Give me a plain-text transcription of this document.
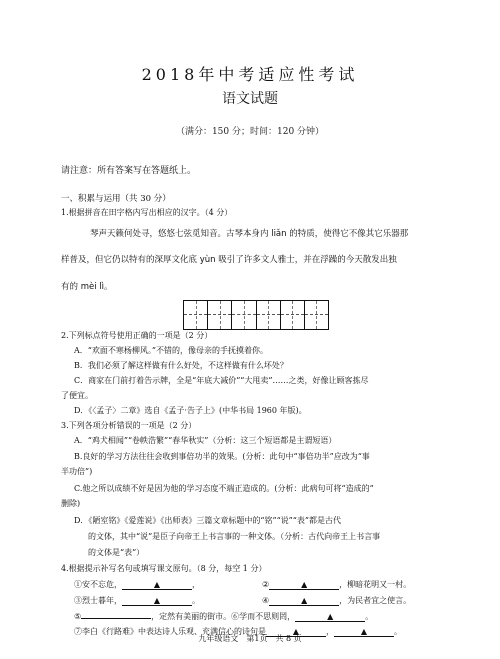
2018年中考适应性考试
语文试题
（满分：150 分；时间：120 分钟）
请注意：所有答案写在答题纸上。
一、积累与运用（共 30 分）
1.根据拼音在田字格内写出相应的汉字。（4 分）
琴声天籁何处寻，悠悠七弦觅知音。古琴本身内 liǎn 的特质，使得它不像其它乐器那
样普及，但它仍以特有的深厚文化底 yùn 吸引了许多文人雅士，并在浮躁的今天散发出独
有的 mèi lì。
2.下列标点符号使用正确的一项是（2 分）
A．“欢面不寒杨柳风。”不错的，像母亲的手抚摸着你。
B．我们必须了解这样做有什么好处，不这样做有什么坏处？
C．商家在门前打着告示牌，全是“年底大减价”“大甩卖”……之类，好像让顾客拣尽
了便宜。
D．《〈孟子〉二章》选自《孟子·告子上》(中华书局 1960 年版)。
3.下列各项分析错误的一项是（2 分）
A．“鸡犬相闻”“卷帙浩繁”“春华秋实”（分析：这三个短语都是主谓短语）
B.良好的学习方法往往会收到事倍功半的效果。(分析：此句中“事倍功半”应改为“事
半功倍”)
C.他之所以成绩不好是因为他的学习态度不端正造成的。(分析：此病句可将“造成的”
删除)
D．《陋室铭》《爱莲说》《出师表》三篇文章标题中的“铭”“说”“表”都是古代
的文体，其中“说”是臣子向帝王上书言事的一种文体。（分析：古代向帝王上书言事
的文体是“表”）
4.根据提示补写名句或填写课文原句。（8 分，每空 1 分）
①安不忘危，	▲	，	②	▲	，柳暗花明又一村。
③烈士暮年，	▲	。	④	▲	，为民者宜之使言。
⑤	，定然有美丽的街市。⑥学而不思则罔，	▲	。
⑦李白《行路难》中表达诗人乐观、充满信心的诗句是	▲	，	▲	。
九年级语文　第1页　共 8 页
